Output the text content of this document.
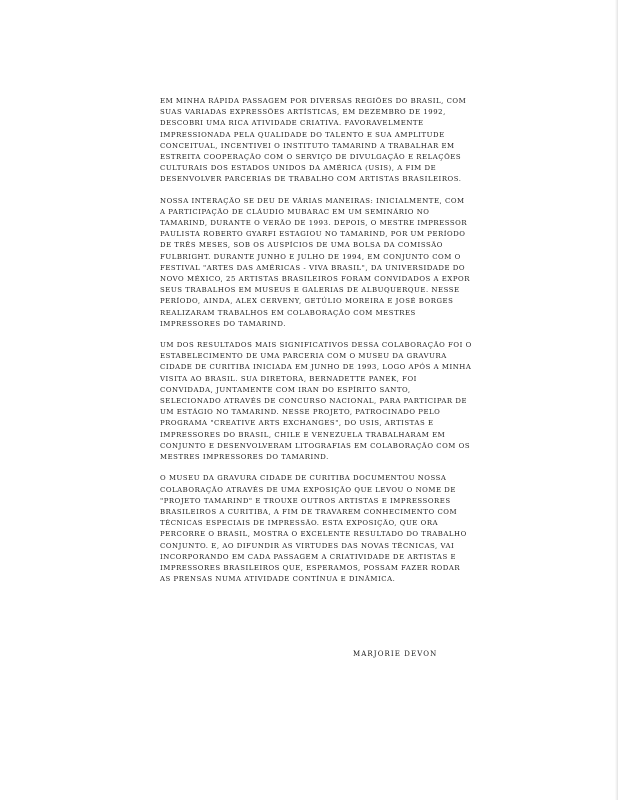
EM MINHA RÁPIDA PASSAGEM POR DIVERSAS REGIÕES DO BRASIL, COM SUAS VARIADAS EXPRESSÕES ARTÍSTICAS, EM DEZEMBRO DE 1992, DESCOBRI UMA RICA ATIVIDADE CRIATIVA. FAVORAVELMENTE IMPRESSIONADA PELA QUALIDADE DO TALENTO E SUA AMPLITUDE CONCEITUAL, INCENTIVEI O INSTITUTO TAMARIND A TRABALHAR EM ESTREITA COOPERAÇÃO COM O SERVIÇO DE DIVULGAÇÃO E RELAÇÕES CULTURAIS DOS ESTADOS UNIDOS DA AMÉRICA (USIS), A FIM DE DESENVOLVER PARCERIAS DE TRABALHO COM ARTISTAS BRASILEIROS.

NOSSA INTERAÇÃO SE DEU DE VÁRIAS MANEIRAS: INICIALMENTE, COM A PARTICIPAÇÃO DE CLÁUDIO MUBARAC EM UM SEMINÁRIO NO TAMARIND, DURANTE O VERÃO DE 1993. DEPOIS, O MESTRE IMPRESSOR PAULISTA ROBERTO GYARFI ESTAGIOU NO TAMARIND, POR UM PERÍODO DE TRÊS MESES, SOB OS AUSPÍCIOS DE UMA BOLSA DA COMISSÃO FULBRIGHT. DURANTE JUNHO E JULHO DE 1994, EM CONJUNTO COM O FESTIVAL "ARTES DAS AMÉRICAS - VIVA BRASIL", DA UNIVERSIDADE DO NOVO MÉXICO, 25 ARTISTAS BRASILEIROS FORAM CONVIDADOS A EXPOR SEUS TRABALHOS EM MUSEUS E GALERIAS DE ALBUQUERQUE. NESSE PERÍODO, AINDA, ALEX CERVENY, GETÚLIO MOREIRA E JOSÉ BORGES REALIZARAM TRABALHOS EM COLABORAÇÃO COM MESTRES IMPRESSORES DO TAMARIND.

UM DOS RESULTADOS MAIS SIGNIFICATIVOS DESSA COLABORAÇÃO FOI O ESTABELECIMENTO DE UMA PARCERIA COM O MUSEU DA GRAVURA CIDADE DE CURITIBA INICIADA EM JUNHO DE 1993, LOGO APÓS A MINHA VISITA AO BRASIL. SUA DIRETORA, BERNADETTE PANEK, FOI CONVIDADA, JUNTAMENTE COM IRAN DO ESPÍRITO SANTO, SELECIONADO ATRAVÉS DE CONCURSO NACIONAL, PARA PARTICIPAR DE UM ESTÁGIO NO TAMARIND. NESSE PROJETO, PATROCINADO PELO PROGRAMA "CREATIVE ARTS EXCHANGES", DO USIS, ARTISTAS E IMPRESSORES DO BRASIL, CHILE E VENEZUELA TRABALHARAM EM CONJUNTO E DESENVOLVERAM LITOGRAFIAS EM COLABORAÇÃO COM OS MESTRES IMPRESSORES DO TAMARIND.

O MUSEU DA GRAVURA CIDADE DE CURITIBA DOCUMENTOU NOSSA COLABORAÇÃO ATRAVÉS DE UMA EXPOSIÇÃO QUE LEVOU O NOME DE "PROJETO TAMARIND" E TROUXE OUTROS ARTISTAS E IMPRESSORES BRASILEIROS A CURITIBA, A FIM DE TRAVAREM CONHECIMENTO COM TÉCNICAS ESPECIAIS DE IMPRESSÃO. ESTA EXPOSIÇÃO, QUE ORA PERCORRE O BRASIL, MOSTRA O EXCELENTE RESULTADO DO TRABALHO CONJUNTO. E, AO DIFUNDIR AS VIRTUDES DAS NOVAS TÉCNICAS, VAI INCORPORANDO EM CADA PASSAGEM A CRIATIVIDADE DE ARTISTAS E IMPRESSORES BRASILEIROS QUE, ESPERAMOS, POSSAM FAZER RODAR AS PRENSAS NUMA ATIVIDADE CONTÍNUA E DINÂMICA.

MARJORIE DEVON
